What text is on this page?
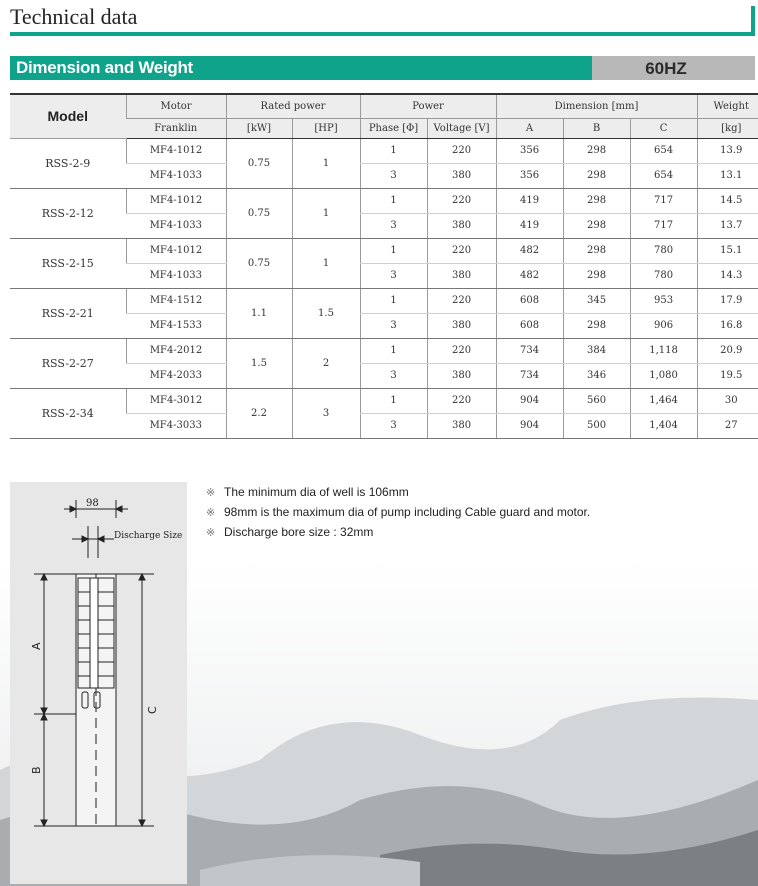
Technical data
Dimension and Weight	60HZ
Model	Motor	Rated power		Power		Dimension [mm]			Weight
	Franklin	[kW]	[HP]	Phase [Φ]	Voltage [V]	A	B	C	[kg]
RSS-2-9	MF4-1012	0.75	1	1	220	356	298	654	13.9
	MF4-1033			3	380	356	298	654	13.1
RSS-2-12	MF4-1012	0.75	1	1	220	419	298	717	14.5
	MF4-1033			3	380	419	298	717	13.7
RSS-2-15	MF4-1012	0.75	1	1	220	482	298	780	15.1
	MF4-1033			3	380	482	298	780	14.3
RSS-2-21	MF4-1512	1.1	1.5	1	220	608	345	953	17.9
	MF4-1533			3	380	608	298	906	16.8
RSS-2-27	MF4-2012	1.5	2	1	220	734	384	1,118	20.9
	MF4-2033			3	380	734	346	1,080	19.5
RSS-2-34	MF4-3012	2.2	3	1	220	904	560	1,464	30
	MF4-3033			3	380	904	500	1,404	27
98
Discharge Size
A
B
C
※ The minimum dia of well is 106mm
※ 98mm is the maximum dia of pump including Cable guard and motor.
※ Discharge bore size : 32mm
